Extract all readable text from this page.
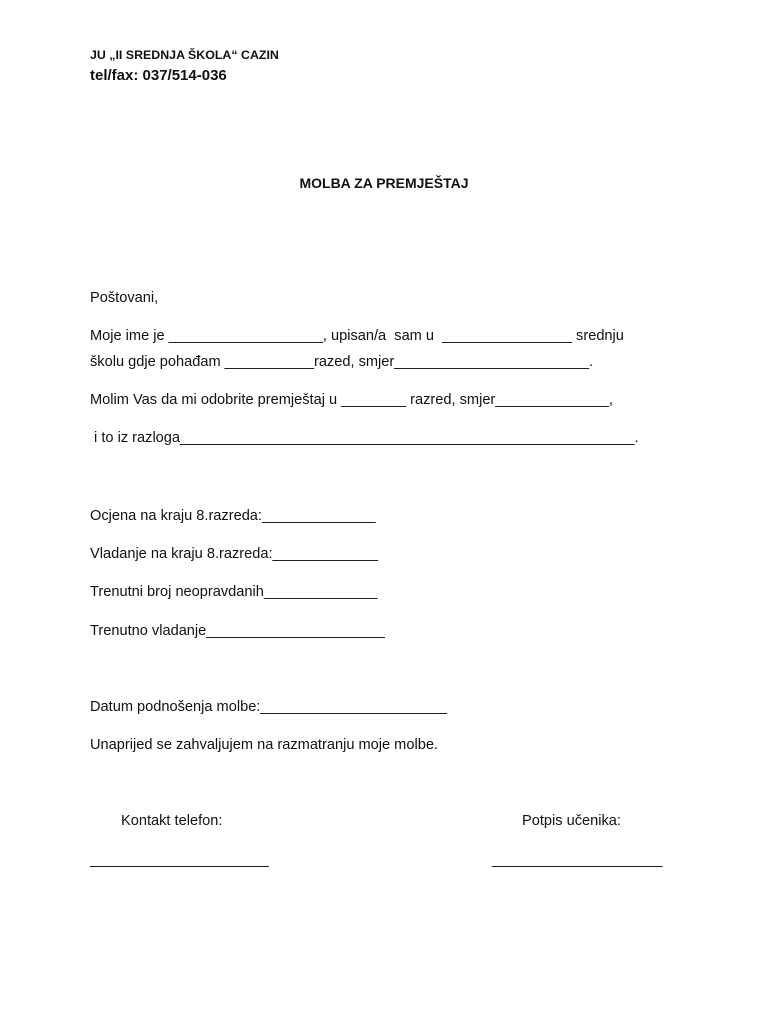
JU „II SREDNJA ŠKOLA“ CAZIN
tel/fax: 037/514-036
MOLBA ZA PREMJEŠTAJ
Poštovani,
Moje ime je ___________________, upisan/a  sam u  ________________ srednju
školu gdje pohađam ___________razed, smjer________________________.
Molim Vas da mi odobrite premještaj u ________ razred, smjer______________,
i to iz razloga________________________________________________________.
Ocjena na kraju 8.razreda:______________
Vladanje na kraju 8.razreda:_____________
Trenutni broj neopravdanih______________
Trenutno vladanje______________________
Datum podnošenja molbe:_______________________
Unaprijed se zahvaljujem na razmatranju moje molbe.
Kontakt telefon:	Potpis učenika:
______________________	_____________________
